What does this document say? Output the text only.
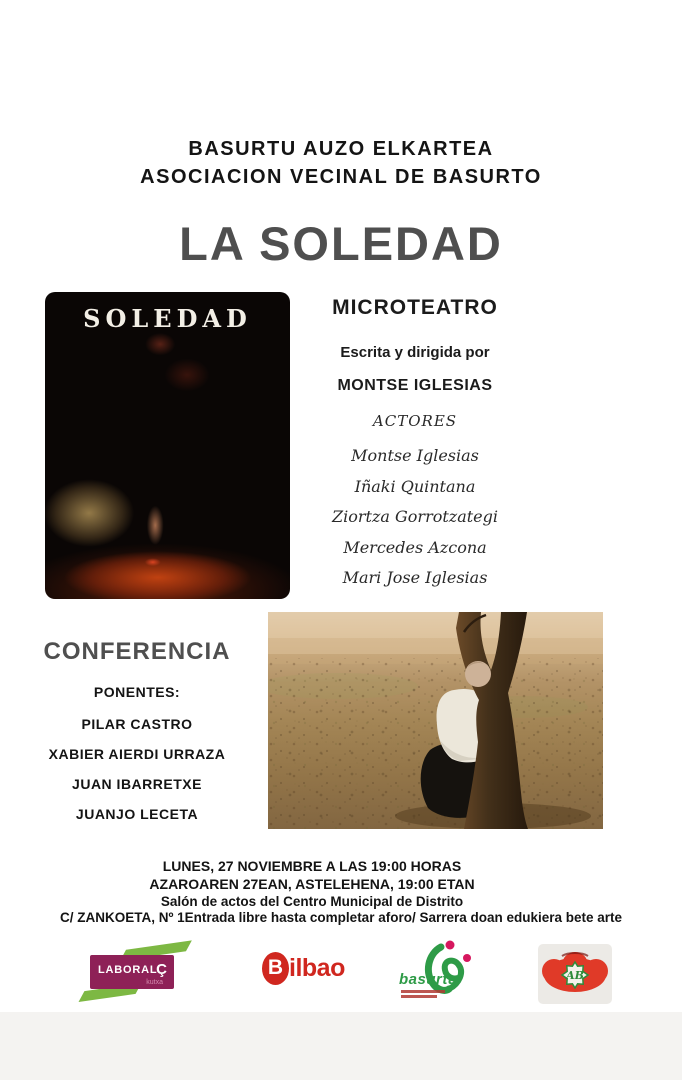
BASURTU AUZO ELKARTEA
ASOCIACION VECINAL DE BASURTO
LA SOLEDAD
SOLEDAD	MICROTEATRO
Escrita y dirigida por
MONTSE IGLESIAS
ACTORES
Montse Iglesias
Iñaki Quintana
Ziortza Gorrotzategi
Mercedes Azcona
Mari Jose Iglesias
CONFERENCIA
PONENTES:
PILAR CASTRO
XABIER AIERDI URRAZA
JUAN IBARRETXE
JUANJO LECETA
LUNES, 27 NOVIEMBRE A LAS 19:00 HORAS
AZAROAREN 27EAN, ASTELEHENA, 19:00 ETAN
Salón de actos del Centro Municipal de Distrito
C/ ZANKOETA, Nº 1Entrada libre hasta completar aforo/ Sarrera doan edukiera bete arte
LABORAL
Ç
kutxa
B ilbao	basurtu	AB
